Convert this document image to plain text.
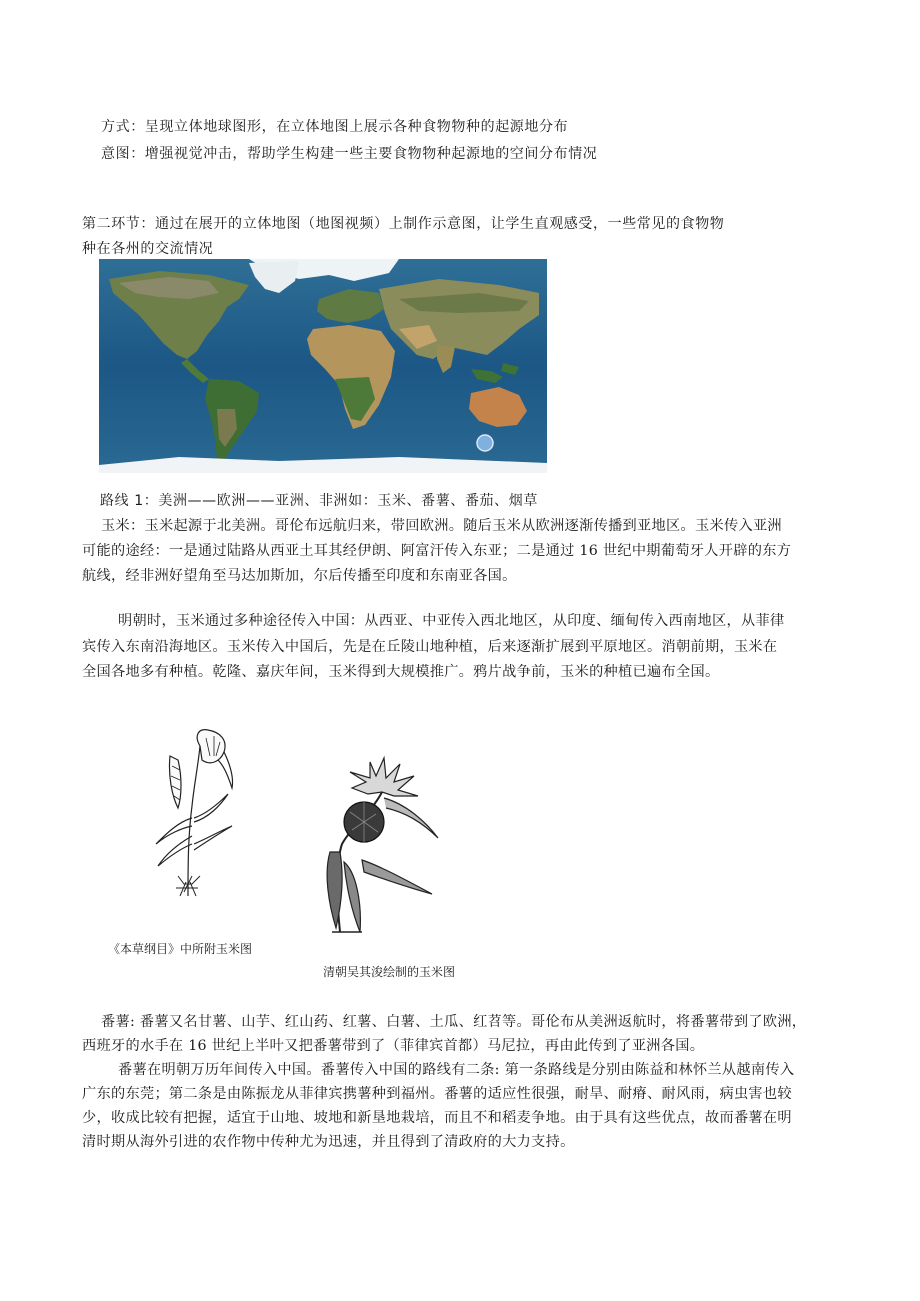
方式：呈现立体地球图形，在立体地图上展示各种食物物种的起源地分布
意图：增强视觉冲击，帮助学生构建一些主要食物物种起源地的空间分布情况
第二环节：通过在展开的立体地图（地图视频）上制作示意图，让学生直观感受，一些常见的食物物
种在各州的交流情况
路线 1：美洲——欧洲——亚洲、非洲如：玉米、番薯、番茄、烟草
玉米：玉米起源于北美洲。哥伦布远航归来，带回欧洲。随后玉米从欧洲逐渐传播到亚地区。玉米传入亚洲
可能的途经：一是通过陆路从西亚土耳其经伊朗、阿富汗传入东亚；二是通过 16 世纪中期葡萄牙人开辟的东方
航线，经非洲好望角至马达加斯加，尔后传播至印度和东南亚各国。
明朝时，玉米通过多种途径传入中国：从西亚、中亚传入西北地区，从印度、缅甸传入西南地区，从菲律
宾传入东南沿海地区。玉米传入中国后，先是在丘陵山地种植，后来逐渐扩展到平原地区。消朝前期，玉米在
全国各地多有种植。乾隆、嘉庆年间，玉米得到大规模推广。鸦片战争前，玉米的种植已遍布全国。
《本草纲目》中所附玉米图
清朝吴其浚绘制的玉米图
番薯: 番薯又名甘薯、山芋、红山药、红薯、白薯、土瓜、红苕等。哥伦布从美洲返航时，将番薯带到了欧洲，
西班牙的水手在 16 世纪上半叶又把番薯带到了（菲律宾首都）马尼拉，再由此传到了亚洲各国。
番薯在明朝万历年间传入中国。番薯传入中国的路线有二条: 第一条路线是分别由陈益和林怀兰从越南传入
广东的东莞；第二条是由陈振龙从菲律宾携薯种到福州。番薯的适应性很强，耐旱、耐瘠、耐风雨，病虫害也较
少，收成比较有把握，适宜于山地、坡地和新垦地栽培，而且不和稻麦争地。由于具有这些优点，故而番薯在明
清时期从海外引进的农作物中传种尤为迅速，并且得到了清政府的大力支持。
